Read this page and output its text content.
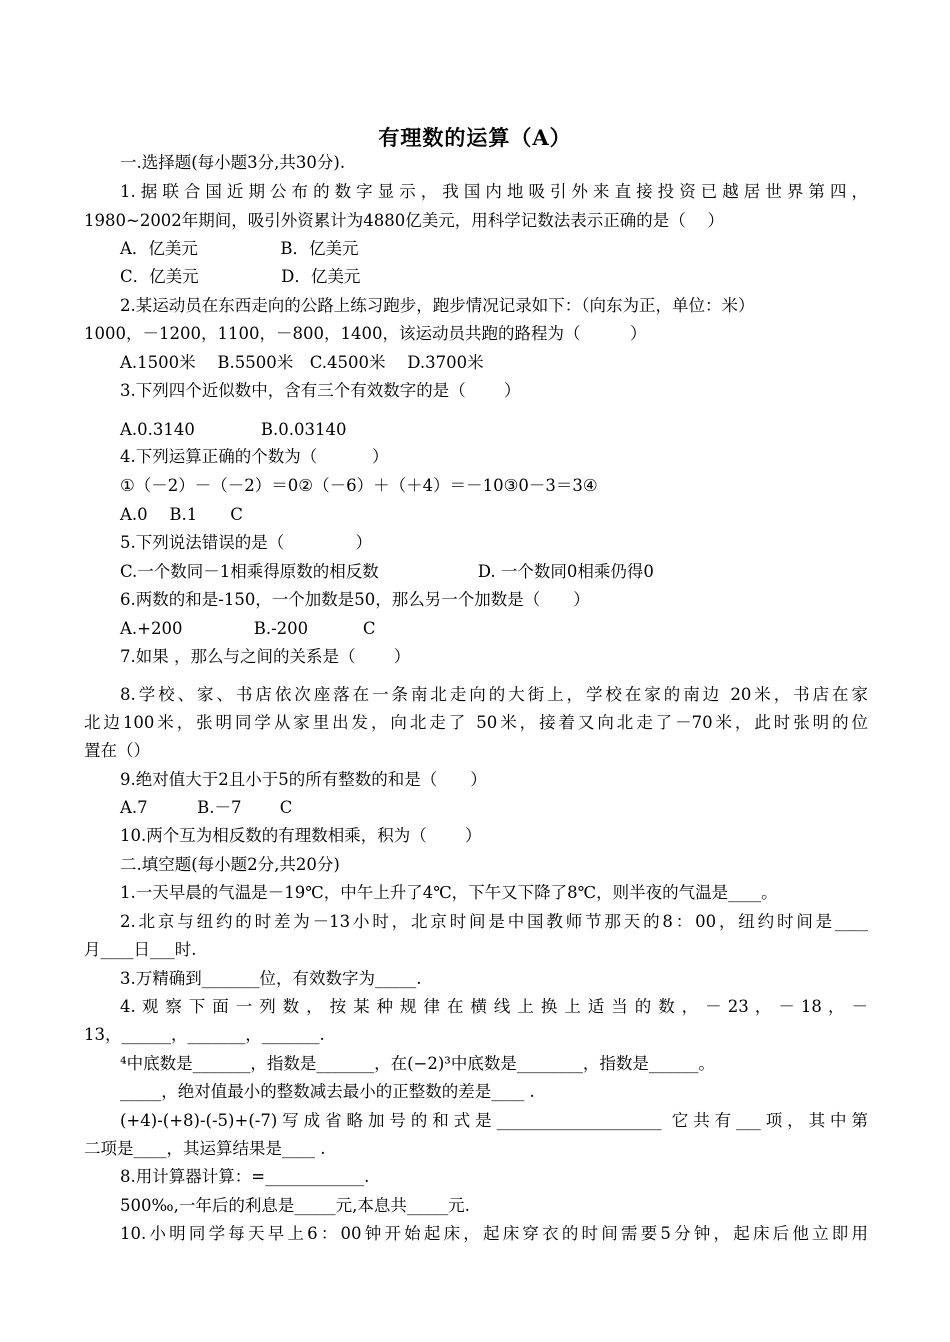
有理数的运算（A）
一.选择题(每小题3分,共30分).
1.据联合国近期公布的数字显示，我国内地吸引外来直接投资已越居世界第四，
1980~2002年期间，吸引外资累计为4880亿美元，用科学记数法表示正确的是（　 ）
A．亿美元　　　　　B．亿美元
C．亿美元　　　　　D．亿美元
2.某运动员在东西走向的公路上练习跑步，跑步情况记录如下：（向东为正，单位：米）
1000，－1200，1100，－800，1400，该运动员共跑的路程为（　　　）
A.1500米　 B.5500米　C.4500米　 D.3700米
3.下列四个近似数中，含有三个有效数字的是（　　 ）
A.0.3140　　　　B.0.03140
4.下列运算正确的个数为（　　　 ）
①（－2）－（－2）＝0②（－6）＋（＋4）＝－10③0－3＝3④
A.0　 B.1　　C
5.下列说法错误的是（　　　　 ）
C.一个数同－1相乘得原数的相反数　　　　　　D. 一个数同0相乘仍得0
6.两数的和是-150，一个加数是50，那么另一个加数是（　　）
A.+200　　　　 B.-200　　　 C
7.如果 ，那么与之间的关系是（　　 ）
8.学校、家、书店依次座落在一条南北走向的大街上，学校在家的南边 20米，书店在家
北边100米，张明同学从家里出发，向北走了 50米，接着又向北走了－70米，此时张明的位
置在（）
9.绝对值大于2且小于5的所有整数的和是（　　）
A.7　　　B.－7　　 C
10.两个互为相反数的有理数相乘，积为（　　 ）
二.填空题(每小题2分,共20分)
1.一天早晨的气温是－19℃，中午上升了4℃，下午又下降了8℃，则半夜的气温是____。
2.北京与纽约的时差为－13小时，北京时间是中国教师节那天的8：00，纽约时间是____
月____日___时.
3.万精确到_______位，有效数字为_____.
4. 观 察 下 面 一 列 数 ， 按 某 种 规 律 在 横 线 上 换 上 适 当 的 数 ， － 23 ， － 18 ， －
13，______，_______，_______.
⁴中底数是_______，指数是_______，在(−2)³中底数是________，指数是______。
_____，绝对值最小的整数减去最小的正整数的差是____ .
(+4)-(+8)-(-5)+(-7)写成省略加号的和式是____________________ 它共有___项，其中第
二项是____，其运算结果是____ .
8.用计算器计算：=____________.
500‰,一年后的利息是_____元,本息共_____元.
10.小明同学每天早上6：00钟开始起床，起床穿衣的时间需要5分钟，起床后他立即用
